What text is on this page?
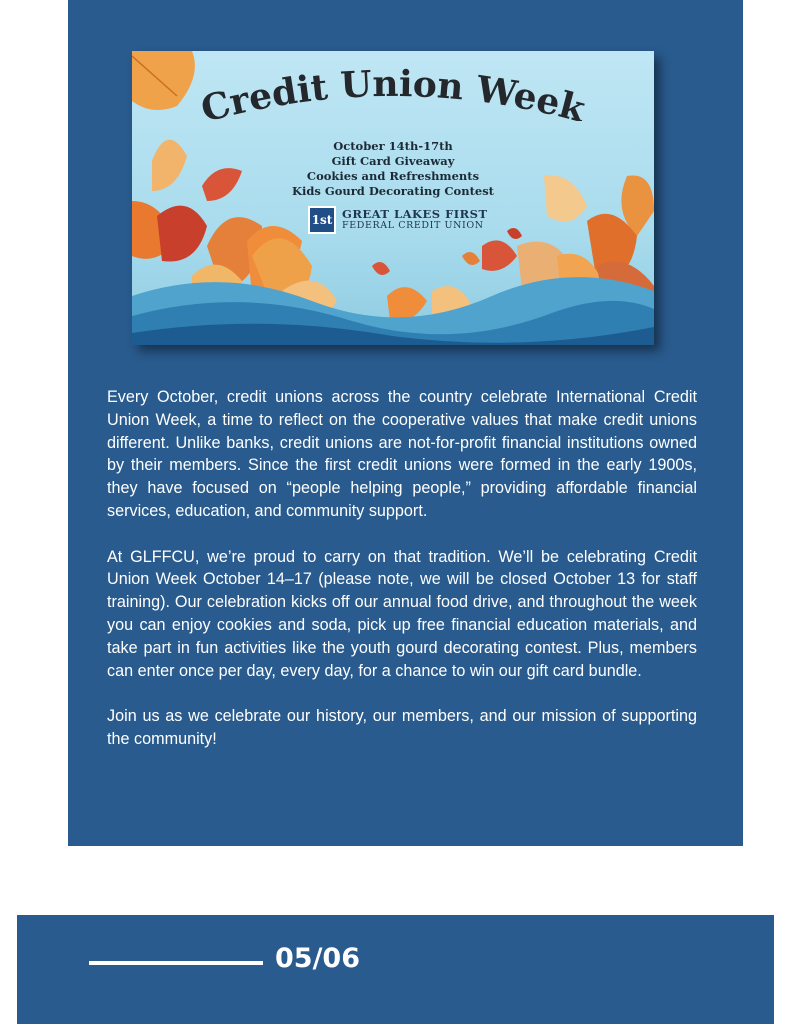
Credit Union Week
October 14th-17th
Gift Card Giveaway
Cookies and Refreshments
Kids Gourd Decorating Contest
1st GREAT LAKES FIRST
FEDERAL CREDIT UNION

Every October, credit unions across the country celebrate International Credit Union Week, a time to reflect on the cooperative values that make credit unions different. Unlike banks, credit unions are not-for-profit financial institutions owned by their members. Since the first credit unions were formed in the early 1900s, they have focused on “people helping people,” providing affordable financial services, education, and community support.

At GLFFCU, we’re proud to carry on that tradition. We’ll be celebrating Credit Union Week October 14–17 (please note, we will be closed October 13 for staff training). Our celebration kicks off our annual food drive, and throughout the week you can enjoy cookies and soda, pick up free financial education materials, and take part in fun activities like the youth gourd decorating contest. Plus, members can enter once per day, every day, for a chance to win our gift card bundle.

Join us as we celebrate our history, our members, and our mission of supporting the community!

05/06
